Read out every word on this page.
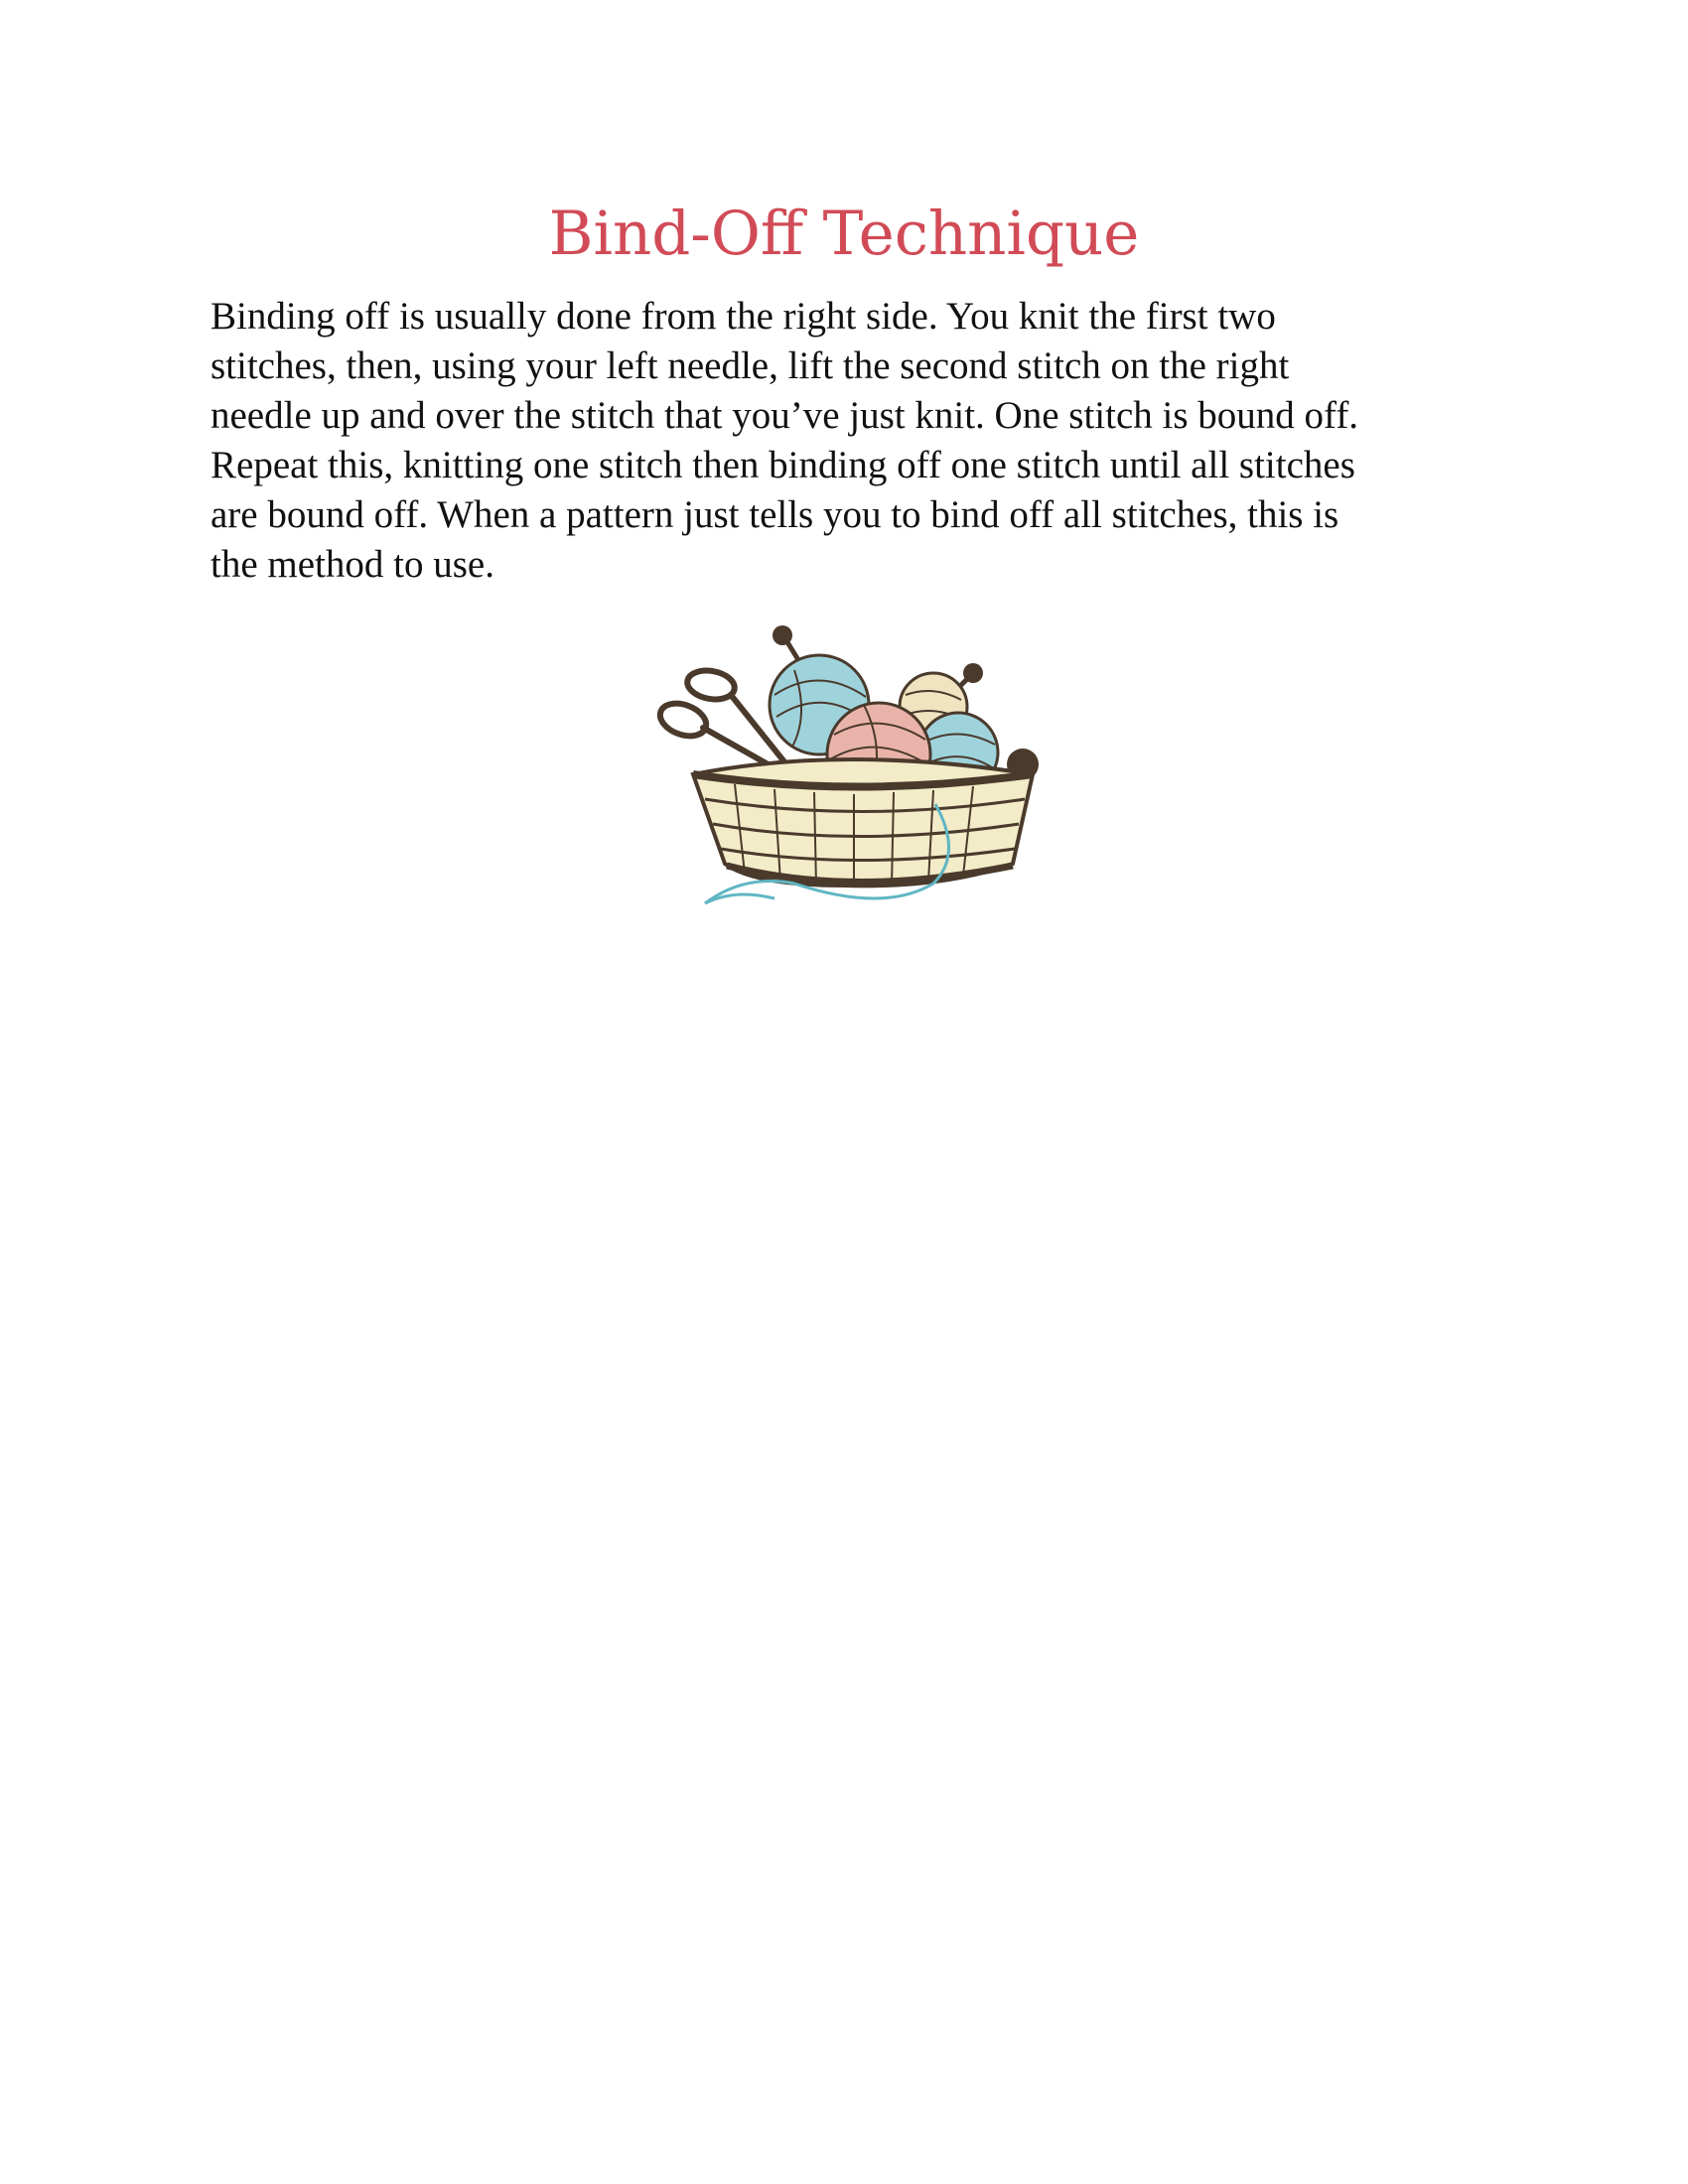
Bind-Off Technique

Binding off is usually done from the right side. You knit the first two
stitches, then, using your left needle, lift the second stitch on the right
needle up and over the stitch that you’ve just knit. One stitch is bound off.
Repeat this, knitting one stitch then binding off one stitch until all stitches
are bound off. When a pattern just tells you to bind off all stitches, this is
the method to use.
